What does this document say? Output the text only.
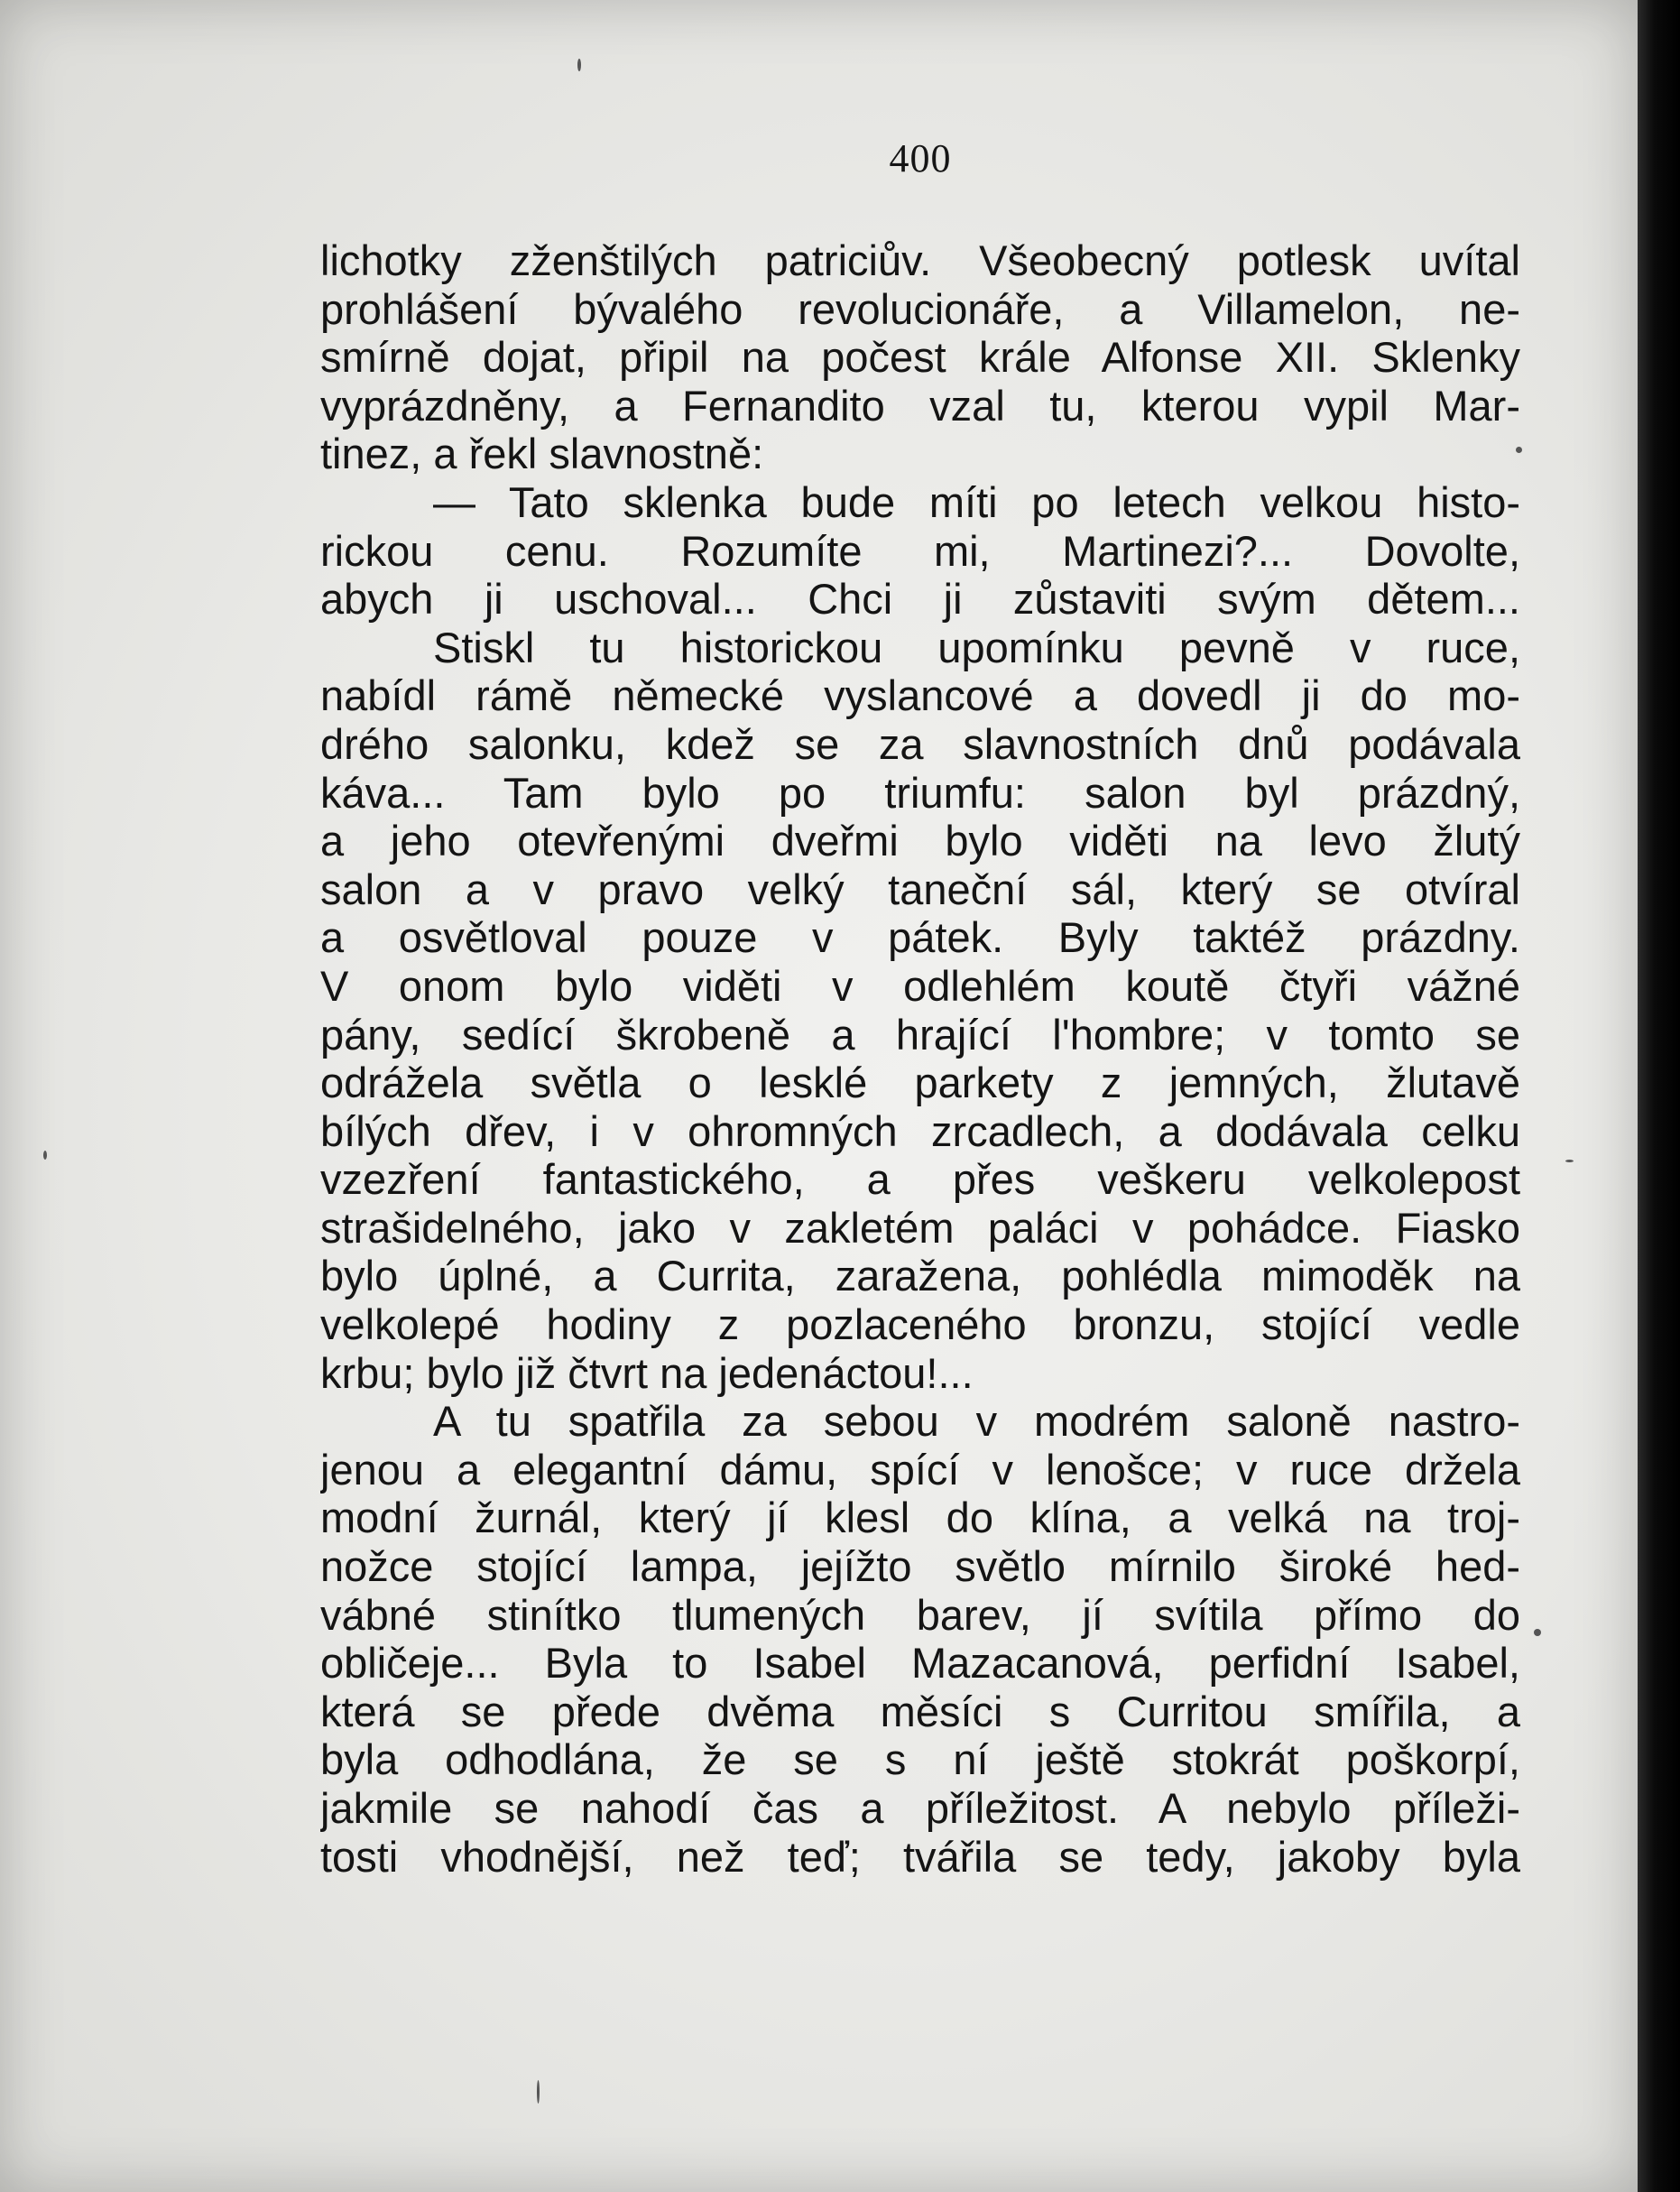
400
lichotky zženštilých patriciův. Všeobecný potlesk uvítal
prohlášení bývalého revolucionáře, a Villamelon, ne-
smírně dojat, připil na počest krále Alfonse XII. Sklenky
vyprázdněny, a Fernandito vzal tu, kterou vypil Mar-
tinez, a řekl slavnostně:
— Tato sklenka bude míti po letech velkou histo-
rickou cenu. Rozumíte mi, Martinezi?... Dovolte,
abych ji uschoval... Chci ji zůstaviti svým dětem...
Stiskl tu historickou upomínku pevně v ruce,
nabídl rámě německé vyslancové a dovedl ji do mo-
drého salonku, kdež se za slavnostních dnů podávala
káva... Tam bylo po triumfu: salon byl prázdný,
a jeho otevřenými dveřmi bylo viděti na levo žlutý
salon a v pravo velký taneční sál, který se otvíral
a osvětloval pouze v pátek. Byly taktéž prázdny.
V onom bylo viděti v odlehlém koutě čtyři vážné
pány, sedící škrobeně a hrající l'hombre; v tomto se
odrážela světla o lesklé parkety z jemných, žlutavě
bílých dřev, i v ohromných zrcadlech, a dodávala celku
vzezření fantastického, a přes veškeru velkolepost
strašidelného, jako v zakletém paláci v pohádce. Fiasko
bylo úplné, a Currita, zaražena, pohlédla mimoděk na
velkolepé hodiny z pozlaceného bronzu, stojící vedle
krbu; bylo již čtvrt na jedenáctou!...
A tu spatřila za sebou v modrém saloně nastro-
jenou a elegantní dámu, spící v lenošce; v ruce držela
modní žurnál, který jí klesl do klína, a velká na troj-
nožce stojící lampa, jejížto světlo mírnilo široké hed-
vábné stinítko tlumených barev, jí svítila přímo do
obličeje... Byla to Isabel Mazacanová, perfidní Isabel,
která se přede dvěma měsíci s Curritou smířila, a
byla odhodlána, že se s ní ještě stokrát poškorpí,
jakmile se nahodí čas a příležitost. A nebylo příleži-
tosti vhodnější, než teď; tvářila se tedy, jakoby byla
